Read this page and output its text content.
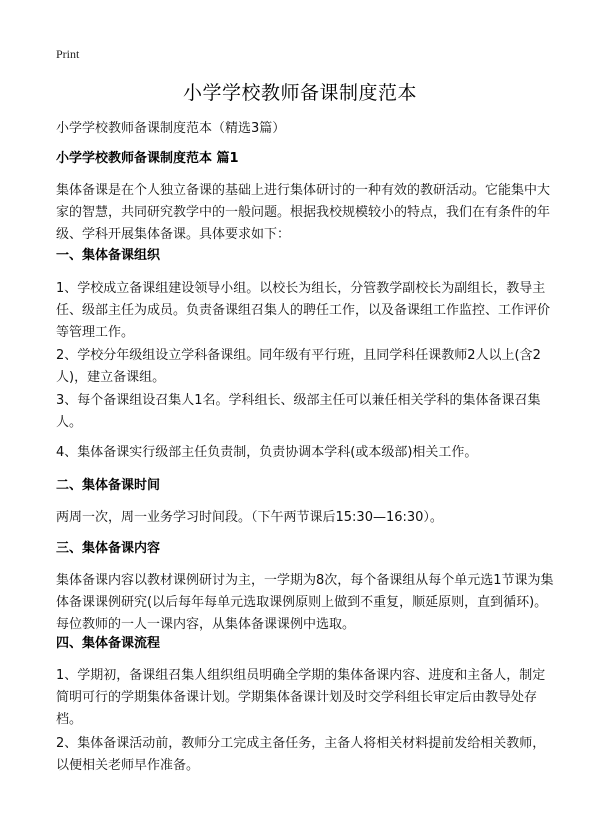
Print
小学学校教师备课制度范本

小学学校教师备课制度范本（精选3篇）

小学学校教师备课制度范本 篇1

集体备课是在个人独立备课的基础上进行集体研讨的一种有效的教研活动。它能集中大家的智慧，共同研究教学中的一般问题。根据我校规模较小的特点，我们在有条件的年级、学科开展集体备课。具体要求如下：

一、集体备课组织

1、学校成立备课组建设领导小组。以校长为组长，分管教学副校长为副组长，教导主任、级部主任为成员。负责备课组召集人的聘任工作，以及备课组工作监控、工作评价等管理工作。

2、学校分年级组设立学科备课组。同年级有平行班，且同学科任课教师2人以上(含2人)，建立备课组。

3、每个备课组设召集人1名。学科组长、级部主任可以兼任相关学科的集体备课召集人。

4、集体备课实行级部主任负责制，负责协调本学科(或本级部)相关工作。

二、集体备课时间

两周一次，周一业务学习时间段。（下午两节课后15:30—16:30）。

三、集体备课内容

集体备课内容以教材课例研讨为主，一学期为8次，每个备课组从每个单元选1节课为集体备课课例研究(以后每年每单元选取课例原则上做到不重复，顺延原则，直到循环)。每位教师的一人一课内容，从集体备课课例中选取。

四、集体备课流程

1、学期初，备课组召集人组织组员明确全学期的集体备课内容、进度和主备人，制定简明可行的学期集体备课计划。学期集体备课计划及时交学科组长审定后由教导处存档。

2、集体备课活动前，教师分工完成主备任务，主备人将相关材料提前发给相关教师，以便相关老师早作准备。
